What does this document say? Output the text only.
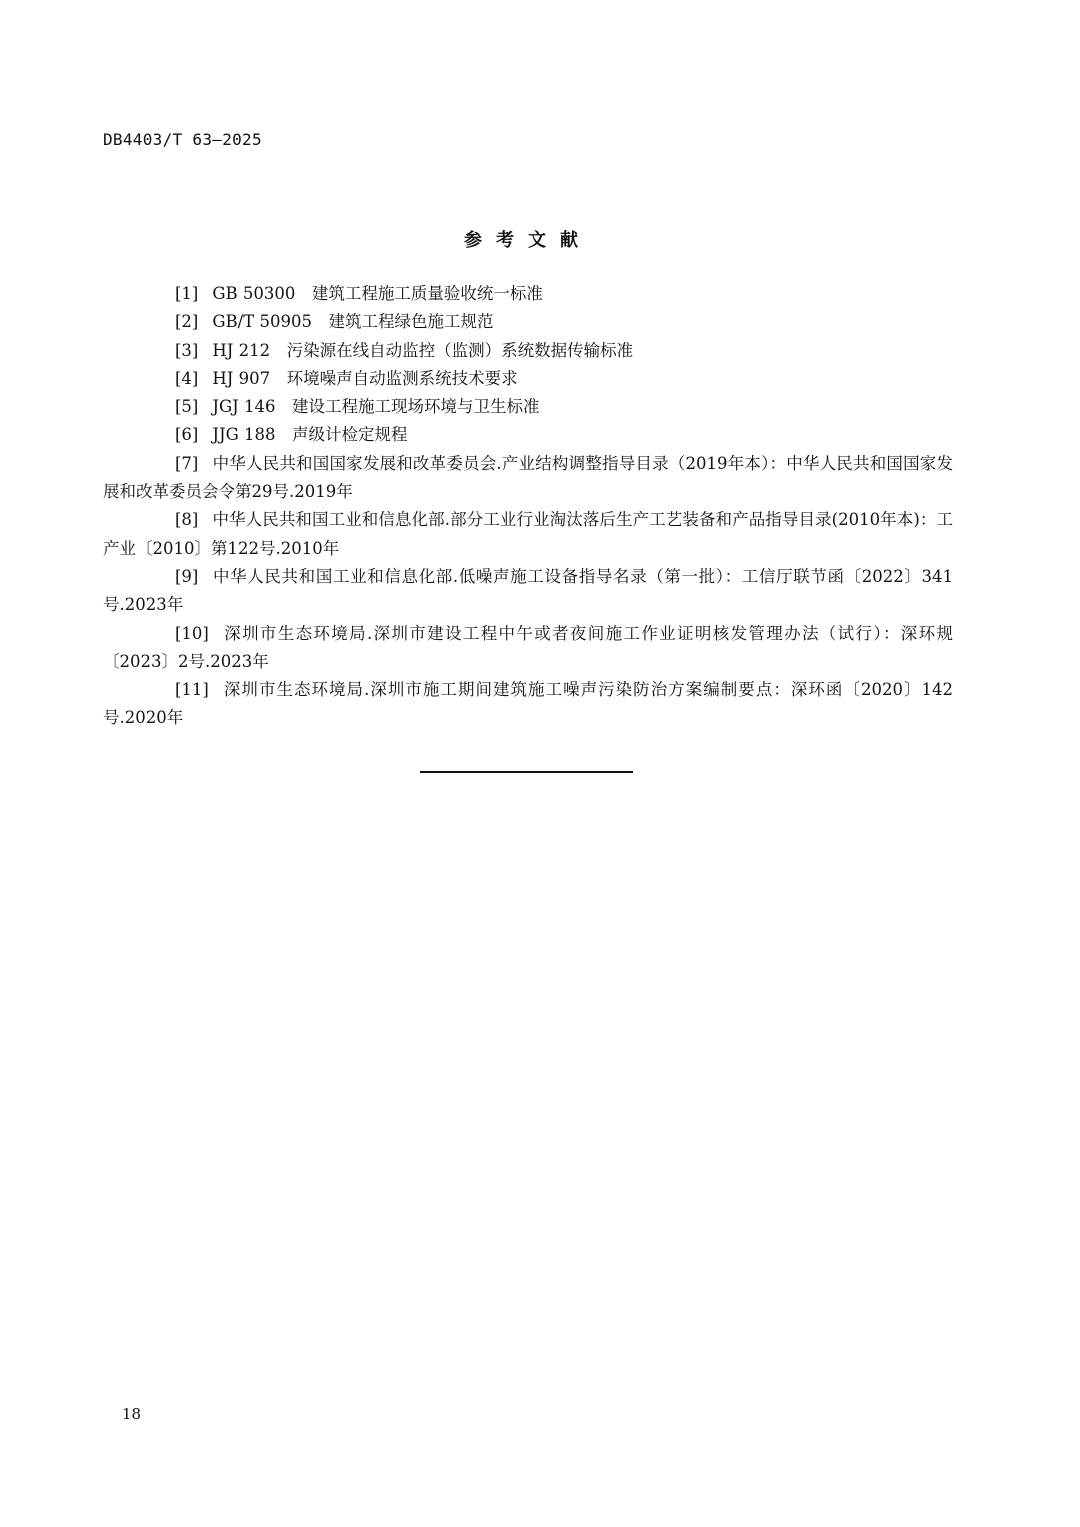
DB4403/T 63—2025
参考文献
[1] GB 50300　建筑工程施工质量验收统一标准
[2] GB/T 50905　建筑工程绿色施工规范
[3] HJ 212　污染源在线自动监控（监测）系统数据传输标准
[4] HJ 907　环境噪声自动监测系统技术要求
[5] JGJ 146　建设工程施工现场环境与卫生标准
[6] JJG 188　声级计检定规程
[7] 中华人民共和国国家发展和改革委员会.产业结构调整指导目录（2019年本）：中华人民共和国国家发展和改革委员会令第29号.2019年
[8] 中华人民共和国工业和信息化部.部分工业行业淘汰落后生产工艺装备和产品指导目录(2010年本)：工产业〔2010〕第122号.2010年
[9] 中华人民共和国工业和信息化部.低噪声施工设备指导名录（第一批）：工信厅联节函〔2022〕341号.2023年
[10] 深圳市生态环境局.深圳市建设工程中午或者夜间施工作业证明核发管理办法（试行）：深环规〔2023〕2号.2023年
[11] 深圳市生态环境局.深圳市施工期间建筑施工噪声污染防治方案编制要点：深环函〔2020〕142号.2020年
18
